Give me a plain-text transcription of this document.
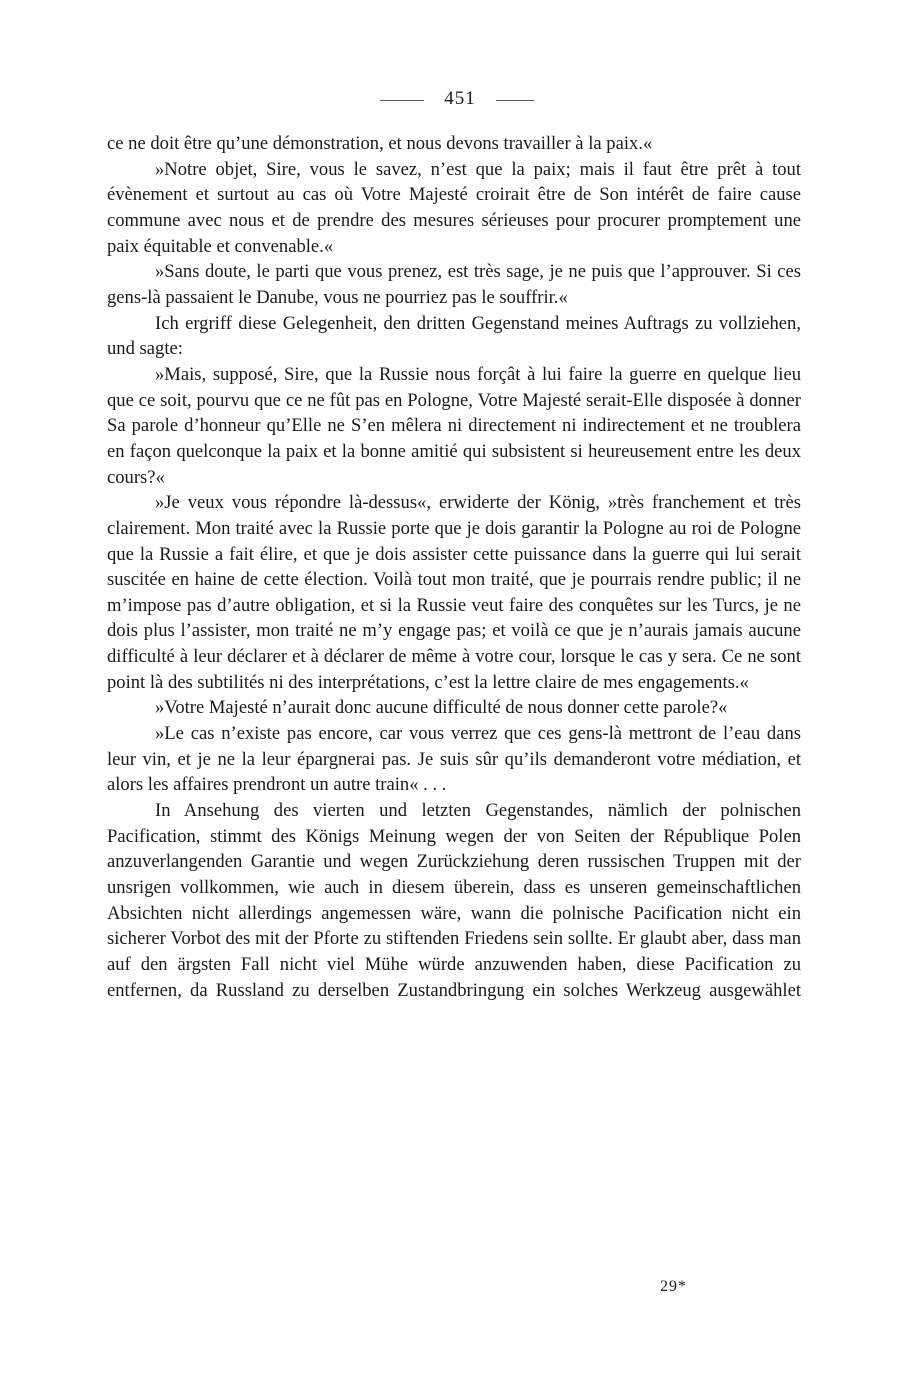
451

ce ne doit être qu’une démonstration, et nous devons travailler à la paix.«

»Notre objet, Sire, vous le savez, n’est que la paix; mais il faut être prêt à tout évènement et surtout au cas où Votre Majesté croirait être de Son intérêt de faire cause commune avec nous et de prendre des mesures sérieuses pour procurer promptement une paix équitable et convenable.«

»Sans doute, le parti que vous prenez, est très sage, je ne puis que l’approuver. Si ces gens-là passaient le Danube, vous ne pourriez pas le souffrir.«

Ich ergriff diese Gelegenheit, den dritten Gegenstand meines Auftrags zu vollziehen, und sagte:

»Mais, supposé, Sire, que la Russie nous forçât à lui faire la guerre en quelque lieu que ce soit, pourvu que ce ne fût pas en Pologne, Votre Majesté serait-Elle disposée à donner Sa parole d’honneur qu’Elle ne S’en mêlera ni directement ni indirectement et ne troublera en façon quelconque la paix et la bonne amitié qui subsistent si heureusement entre les deux cours?«

»Je veux vous répondre là-dessus«, erwiderte der König, »très franchement et très clairement. Mon traité avec la Russie porte que je dois garantir la Pologne au roi de Pologne que la Russie a fait élire, et que je dois assister cette puissance dans la guerre qui lui serait suscitée en haine de cette élection. Voilà tout mon traité, que je pourrais rendre public; il ne m’impose pas d’autre obligation, et si la Russie veut faire des conquêtes sur les Turcs, je ne dois plus l’assister, mon traité ne m’y engage pas; et voilà ce que je n’aurais jamais aucune difficulté à leur déclarer et à déclarer de même à votre cour, lorsque le cas y sera. Ce ne sont point là des subtilités ni des interprétations, c’est la lettre claire de mes engagements.«

»Votre Majesté n’aurait donc aucune difficulté de nous donner cette parole?«

»Le cas n’existe pas encore, car vous verrez que ces gens-là mettront de l’eau dans leur vin, et je ne la leur épargnerai pas. Je suis sûr qu’ils demanderont votre médiation, et alors les affaires prendront un autre train« . . .

In Ansehung des vierten und letzten Gegenstandes, nämlich der polnischen Pacification, stimmt des Königs Meinung wegen der von Seiten der République Polen anzuverlangenden Garantie und wegen Zurückziehung deren russischen Truppen mit der unsrigen vollkommen, wie auch in diesem überein, dass es unseren gemeinschaftlichen Absichten nicht allerdings angemessen wäre, wann die polnische Pacification nicht ein sicherer Vorbot des mit der Pforte zu stiftenden Friedens sein sollte. Er glaubt aber, dass man auf den ärgsten Fall nicht viel Mühe würde anzuwenden haben, diese Pacification zu entfernen, da Russland zu derselben Zustandbringung ein solches Werkzeug ausgewählet

29*
